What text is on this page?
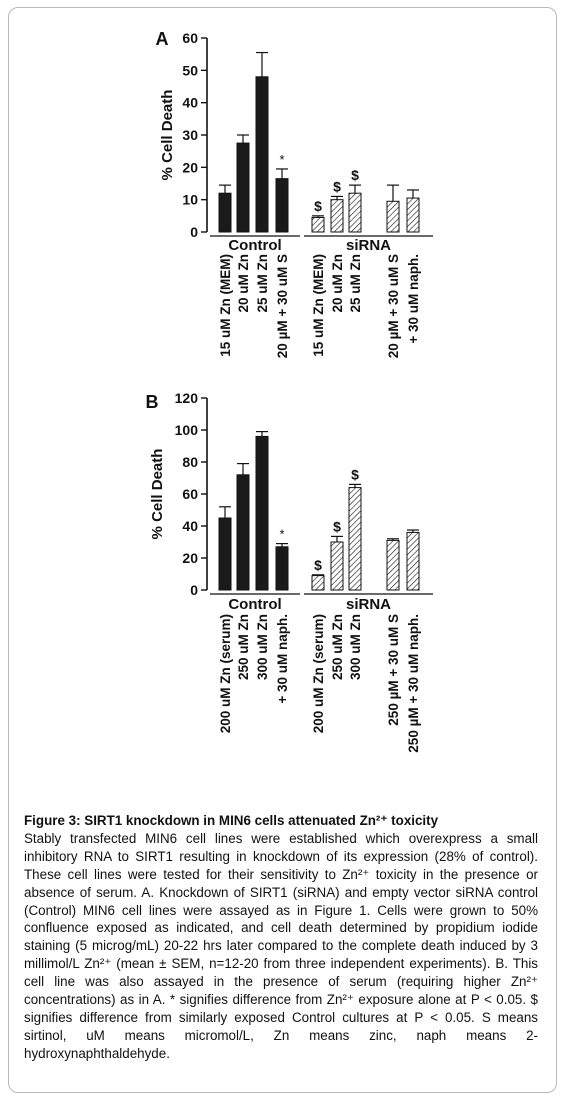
A
0
10
20
30
40
50
60
% Cell Death
15 uM Zn (MEM) 20 uM Zn 25 uM Zn
*
20 µM + 30 uM S
Control
$
15 uM Zn (MEM)
$
20 uM Zn
$
25 uM Zn 20 µM + 30 uM S + 30 uM naph.
siRNA
B
0
20
40
60
80
100
120
% Cell Death
200 uM Zn (serum) 250 uM Zn 300 uM Zn
*
+ 30 uM naph.
Control
$
200 uM Zn (serum)
$
250 uM Zn
$
300 uM Zn 250 µM + 30 uM S 250 µM + 30 uM naph.
siRNA
Figure 3: SIRT1 knockdown in MIN6 cells attenuated Zn²⁺ toxicity
Stably transfected MIN6 cell lines were established which overexpress a small inhibitory RNA to SIRT1 resulting in knockdown of its expression (28% of control). These cell lines were tested for their sensitivity to Zn²⁺ toxicity in the presence or absence of serum. A. Knockdown of SIRT1 (siRNA) and empty vector siRNA control (Control) MIN6 cell lines were assayed as in Figure 1. Cells were grown to 50% confluence exposed as indicated, and cell death determined by propidium iodide staining (5 microg/mL) 20-22 hrs later compared to the complete death induced by 3 millimol/L Zn²⁺ (mean ± SEM, n=12-20 from three independent experiments). B. This cell line was also assayed in the presence of serum (requiring higher Zn²⁺ concentrations) as in A. * signifies difference from Zn²⁺ exposure alone at P < 0.05. $ signifies difference from similarly exposed Control cultures at P < 0.05. S means sirtinol, uM means micromol/L, Zn means zinc, naph means 2-hydroxynaphthaldehyde.
